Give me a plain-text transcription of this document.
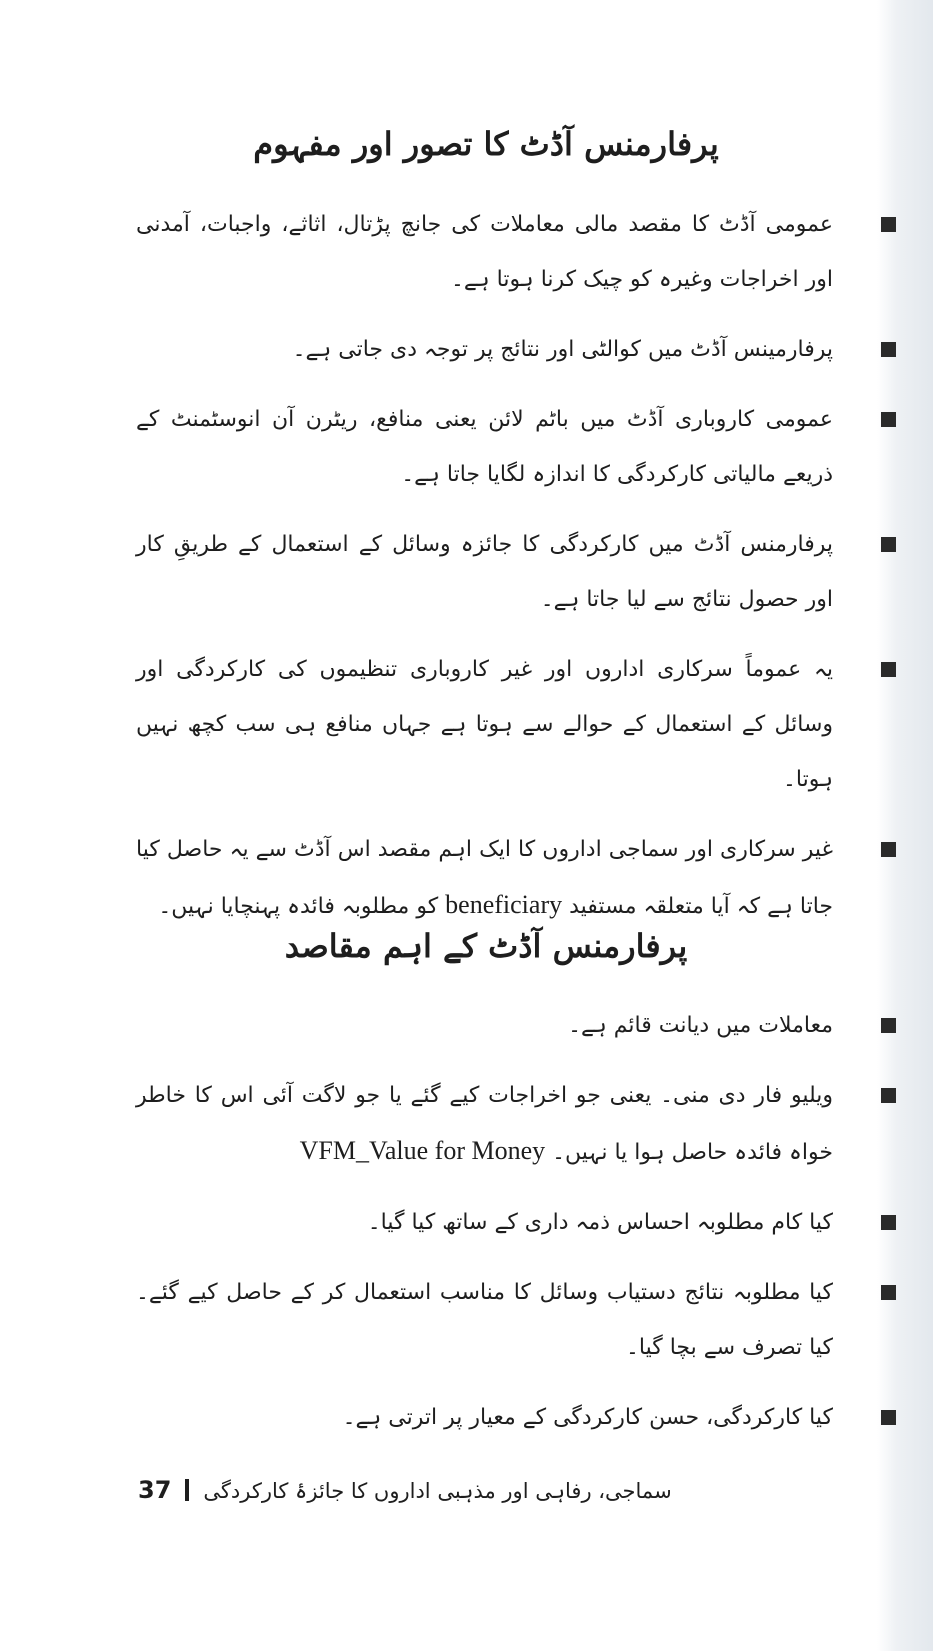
پرفارمنس آڈٹ کا تصور اور مفہوم
عمومی آڈٹ کا مقصد مالی معاملات کی جانچ پڑتال، اثاثے، واجبات، آمدنی اور اخراجات وغیرہ کو چیک کرنا ہوتا ہے۔
پرفارمینس آڈٹ میں کوالٹی اور نتائج پر توجہ دی جاتی ہے۔
عمومی کاروباری آڈٹ میں باٹم لائن یعنی منافع، ریٹرن آن انوسٹمنٹ کے ذریعے مالیاتی کارکردگی کا اندازہ لگایا جاتا ہے۔
پرفارمنس آڈٹ میں کارکردگی کا جائزہ وسائل کے استعمال کے طریقِ کار اور حصول نتائج سے لیا جاتا ہے۔
یہ عموماً سرکاری اداروں اور غیر کاروباری تنظیموں کی کارکردگی اور وسائل کے استعمال کے حوالے سے ہوتا ہے جہاں منافع ہی سب کچھ نہیں ہوتا۔
غیر سرکاری اور سماجی اداروں کا ایک اہم مقصد اس آڈٹ سے یہ حاصل کیا جاتا ہے کہ آیا متعلقہ مستفید beneficiary کو مطلوبہ فائدہ پہنچایا نہیں۔
پرفارمنس آڈٹ کے اہم مقاصد
معاملات میں دیانت قائم ہے۔
ویلیو فار دی منی۔ یعنی جو اخراجات کیے گئے یا جو لاگت آئی اس کا خاطر خواہ فائدہ حاصل ہوا یا نہیں۔ VFM_Value for Money
کیا کام مطلوبہ احساس ذمہ داری کے ساتھ کیا گیا۔
کیا مطلوبہ نتائج دستیاب وسائل کا مناسب استعمال کر کے حاصل کیے گئے۔ کیا تصرف سے بچا گیا۔
کیا کارکردگی، حسن کارکردگی کے معیار پر اترتی ہے۔
37 سماجی، رفاہی اور مذہبی اداروں کا جائزۂ کارکردگی
